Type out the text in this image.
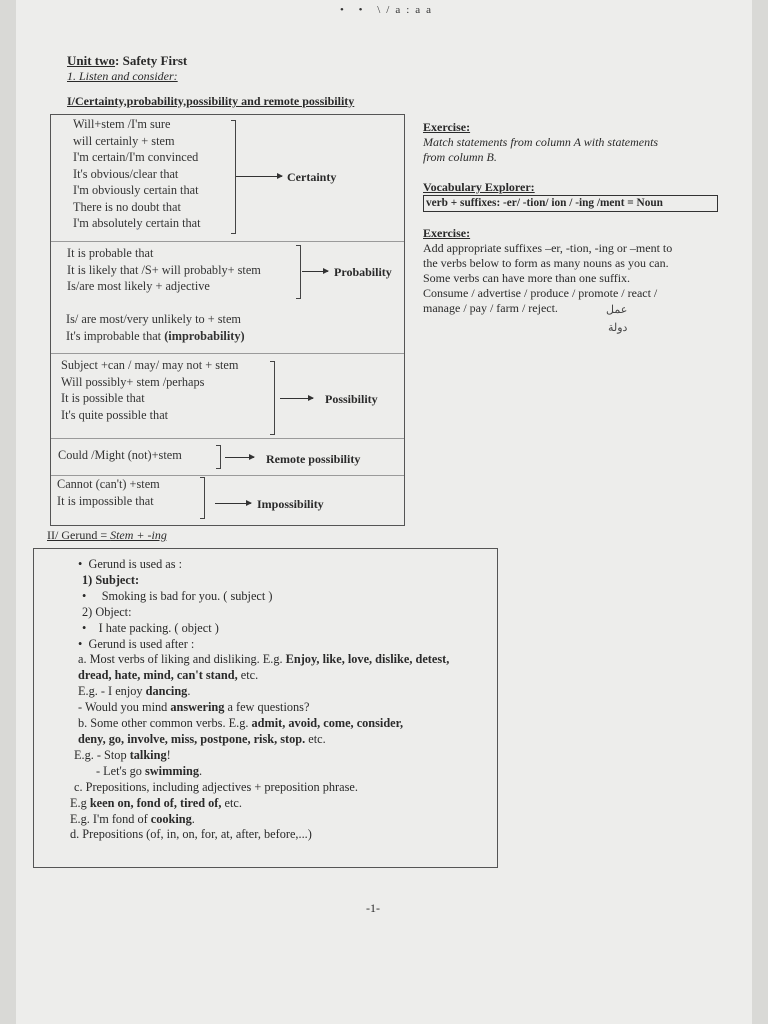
• • \/a:aa
Unit two: Safety First
1. Listen and consider:
I/Certainty,probability,possibility and remote possibility
Will+stem /I'm sure
will certainly + stem
I'm certain/I'm convinced
It's obvious/clear that
I'm obviously certain that
There is no doubt that
I'm absolutely certain that
Certainty
It is probable that
It is likely that /S+ will probably+ stem
Is/are most likely + adjective
Probability
Is/ are most/very unlikely to + stem
It's improbable that (improbability)
Subject +can / may/ may not + stem
Will possibly+ stem /perhaps
It is possible that
It's quite possible that
Possibility
Could /Might (not)+stem	Remote possibility
Cannot (can't) +stem
It is impossible that	Impossibility
Exercise:
Match statements from column A with statements
from column B.
Vocabulary Explorer:
verb + suffixes: -er/ -tion/ ion / -ing /ment = Noun
Exercise:
Add appropriate suffixes –er, -tion, -ing or –ment to
the verbs below to form as many nouns as you can.
Some verbs can have more than one suffix.
Consume / advertise / produce / promote / react /
manage / pay / farm / reject.	عمل
دولة
II/ Gerund = Stem + -ing
•  Gerund is used as :
1) Subject:
•     Smoking is bad for you. ( subject )
2) Object:
•    I hate packing. ( object )
•  Gerund is used after :
a. Most verbs of liking and disliking. E.g. Enjoy, like, love, dislike, detest,
dread, hate, mind, can't stand, etc.
E.g. - I enjoy dancing.
- Would you mind answering a few questions?
b. Some other common verbs. E.g. admit, avoid, come, consider,
deny, go, involve, miss, postpone, risk, stop. etc.
E.g. - Stop talking!
- Let's go swimming.
c. Prepositions, including adjectives + preposition phrase.
E.g keen on, fond of, tired of, etc.
E.g. I'm fond of cooking.
d. Prepositions (of, in, on, for, at, after, before,...)
-1-
